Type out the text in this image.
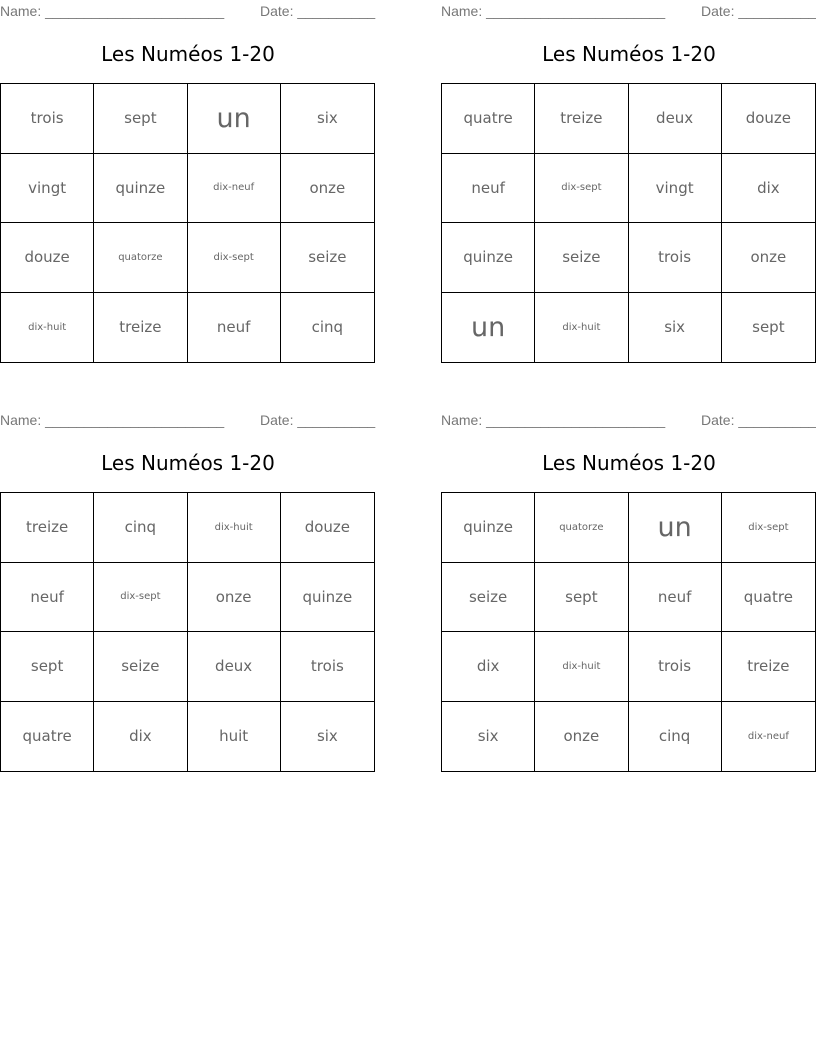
Name: _______________________	Date: __________
Les Numéos 1-20
trois	sept	un	six
vingt	quinze	dix-neuf	onze
douze	quatorze	dix-sept	seize
dix-huit	treize	neuf	cinq
Name: _______________________	Date: __________
Les Numéos 1-20
quatre	treize	deux	douze
neuf	dix-sept	vingt	dix
quinze	seize	trois	onze
un	dix-huit	six	sept
Name: _______________________	Date: __________
Les Numéos 1-20
treize	cinq	dix-huit	douze
neuf	dix-sept	onze	quinze
sept	seize	deux	trois
quatre	dix	huit	six
Name: _______________________	Date: __________
Les Numéos 1-20
quinze	quatorze	un	dix-sept
seize	sept	neuf	quatre
dix	dix-huit	trois	treize
six	onze	cinq	dix-neuf
